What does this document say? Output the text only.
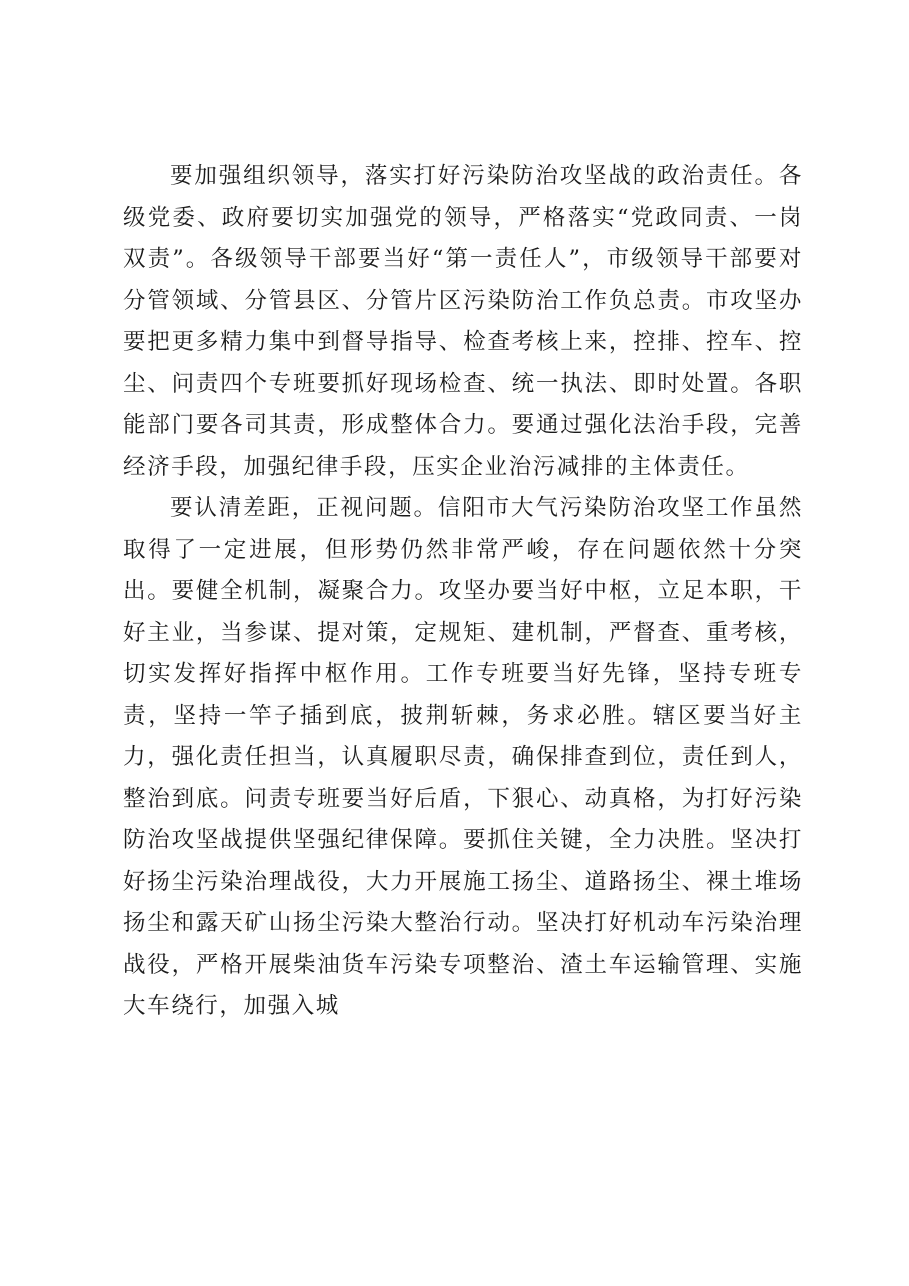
要加强组织领导，落实打好污染防治攻坚战的政治责任。各级党委、政府要切实加强党的领导，严格落实“党政同责、一岗双责”。各级领导干部要当好“第一责任人”，市级领导干部要对分管领域、分管县区、分管片区污染防治工作负总责。市攻坚办要把更多精力集中到督导指导、检查考核上来，控排、控车、控尘、问责四个专班要抓好现场检查、统一执法、即时处置。各职能部门要各司其责，形成整体合力。要通过强化法治手段，完善经济手段，加强纪律手段，压实企业治污减排的主体责任。

要认清差距，正视问题。信阳市大气污染防治攻坚工作虽然取得了一定进展，但形势仍然非常严峻，存在问题依然十分突出。要健全机制，凝聚合力。攻坚办要当好中枢，立足本职，干好主业，当参谋、提对策，定规矩、建机制，严督查、重考核，切实发挥好指挥中枢作用。工作专班要当好先锋，坚持专班专责，坚持一竿子插到底，披荆斩棘，务求必胜。辖区要当好主力，强化责任担当，认真履职尽责，确保排查到位，责任到人，整治到底。问责专班要当好后盾，下狠心、动真格，为打好污染防治攻坚战提供坚强纪律保障。要抓住关键，全力决胜。坚决打好扬尘污染治理战役，大力开展施工扬尘、道路扬尘、裸土堆场扬尘和露天矿山扬尘污染大整治行动。坚决打好机动车污染治理战役，严格开展柴油货车污染专项整治、渣土车运输管理、实施大车绕行，加强入城
